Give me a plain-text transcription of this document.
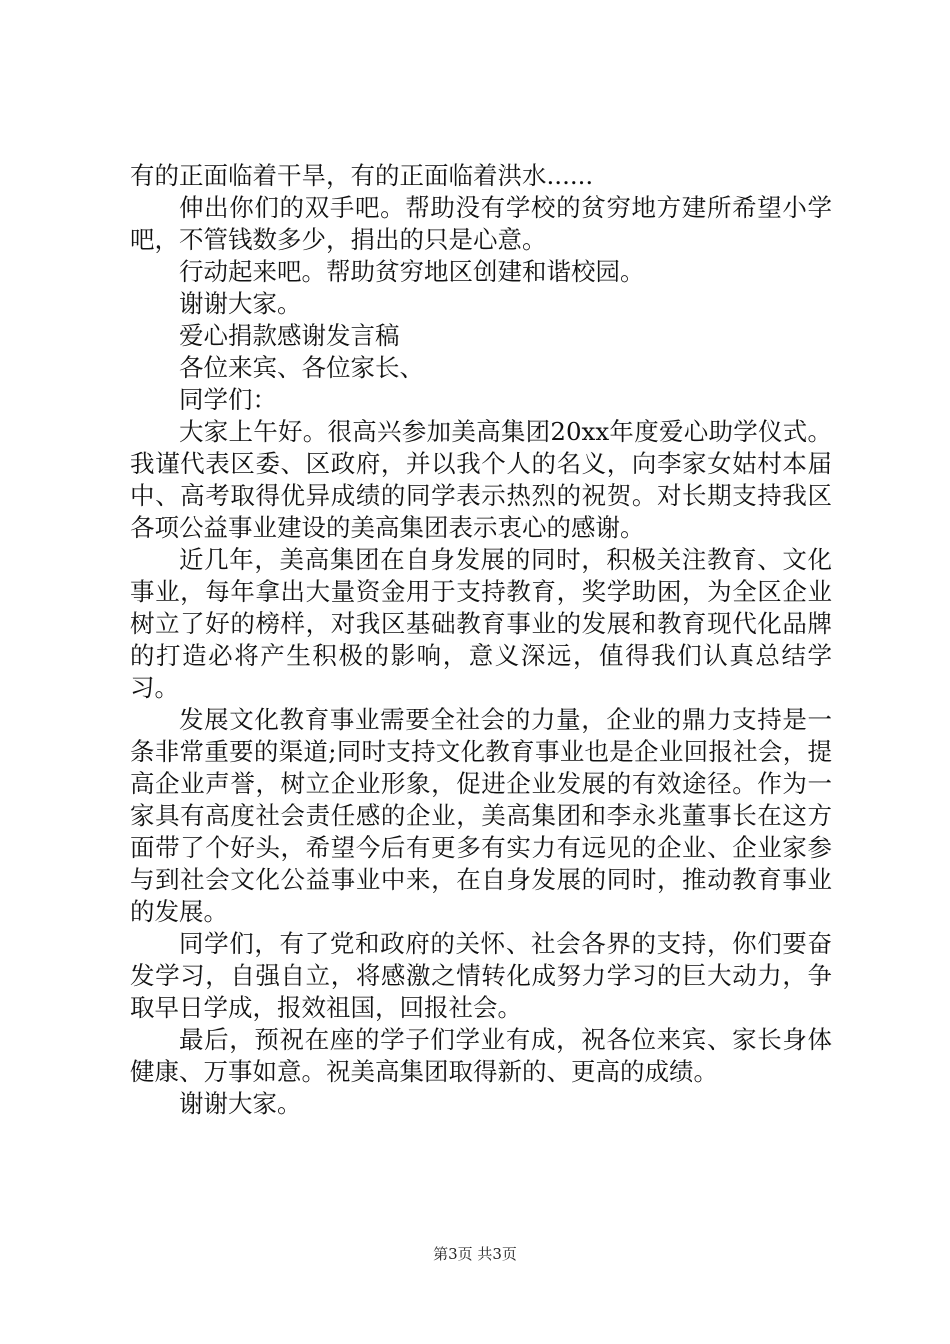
有的正面临着干旱，有的正面临着洪水......

伸出你们的双手吧。帮助没有学校的贫穷地方建所希望小学吧，不管钱数多少，捐出的只是心意。

行动起来吧。帮助贫穷地区创建和谐校园。

谢谢大家。

爱心捐款感谢发言稿

各位来宾、各位家长、

同学们：

大家上午好。很高兴参加美高集团20xx年度爱心助学仪式。我谨代表区委、区政府，并以我个人的名义，向李家女姑村本届中、高考取得优异成绩的同学表示热烈的祝贺。对长期支持我区各项公益事业建设的美高集团表示衷心的感谢。

近几年，美高集团在自身发展的同时，积极关注教育、文化事业，每年拿出大量资金用于支持教育，奖学助困，为全区企业树立了好的榜样，对我区基础教育事业的发展和教育现代化品牌的打造必将产生积极的影响，意义深远，值得我们认真总结学习。

发展文化教育事业需要全社会的力量，企业的鼎力支持是一条非常重要的渠道;同时支持文化教育事业也是企业回报社会，提高企业声誉，树立企业形象，促进企业发展的有效途径。作为一家具有高度社会责任感的企业，美高集团和李永兆董事长在这方面带了个好头，希望今后有更多有实力有远见的企业、企业家参与到社会文化公益事业中来，在自身发展的同时，推动教育事业的发展。

同学们，有了党和政府的关怀、社会各界的支持，你们要奋发学习，自强自立，将感激之情转化成努力学习的巨大动力，争取早日学成，报效祖国，回报社会。

最后，预祝在座的学子们学业有成，祝各位来宾、家长身体健康、万事如意。祝美高集团取得新的、更高的成绩。

谢谢大家。

第3页 共3页
